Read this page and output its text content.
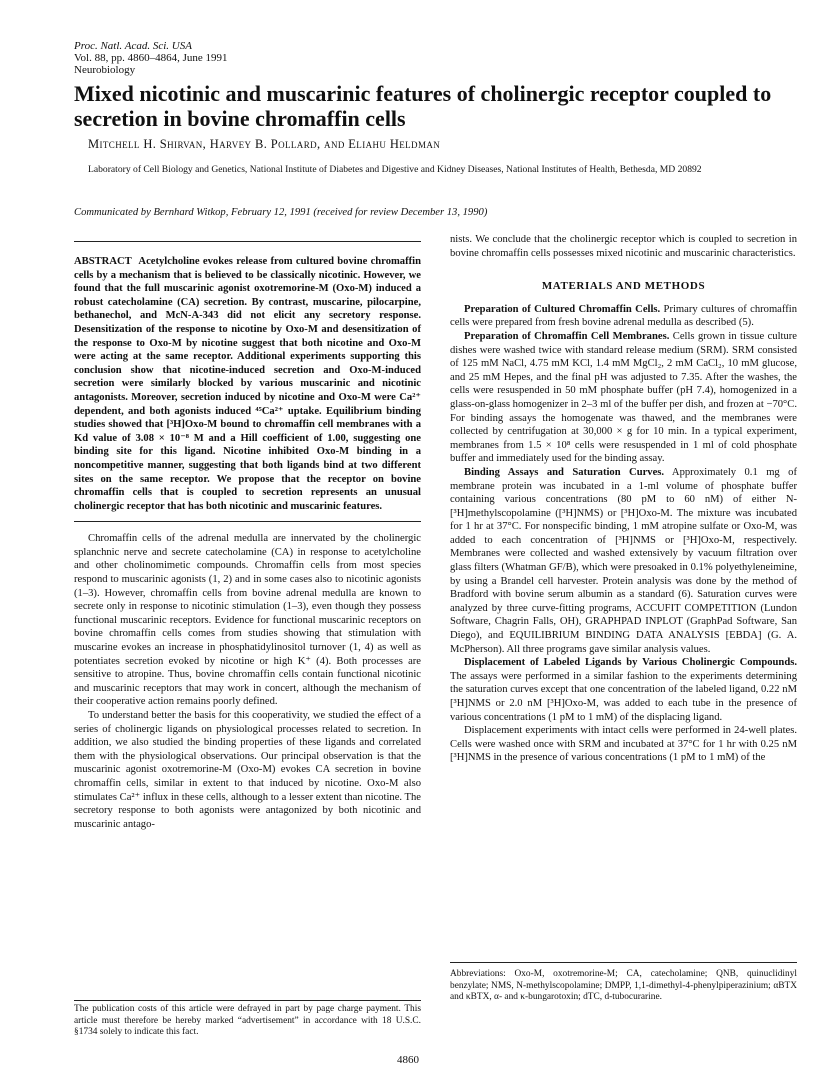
Proc. Natl. Acad. Sci. USA
Vol. 88, pp. 4860–4864, June 1991
Neurobiology
Mixed nicotinic and muscarinic features of cholinergic receptor coupled to secretion in bovine chromaffin cells
Mitchell H. Shirvan, Harvey B. Pollard, and Eliahu Heldman
Laboratory of Cell Biology and Genetics, National Institute of Diabetes and Digestive and Kidney Diseases, National Institutes of Health, Bethesda, MD 20892
Communicated by Bernhard Witkop, February 12, 1991 (received for review December 13, 1990)

ABSTRACT Acetylcholine evokes release from cultured bovine chromaffin cells by a mechanism that is believed to be classically nicotinic. However, we found that the full muscarinic agonist oxotremorine-M (Oxo-M) induced a robust catecholamine (CA) secretion. By contrast, muscarine, pilocarpine, bethanechol, and McN-A-343 did not elicit any secretory response. Desensitization of the response to nicotine by Oxo-M and desensitization of the response to Oxo-M by nicotine suggest that both nicotine and Oxo-M were acting at the same receptor. Additional experiments supporting this conclusion show that nicotine-induced secretion and Oxo-M-induced secretion were similarly blocked by various muscarinic and nicotinic antagonists. Moreover, secretion induced by nicotine and Oxo-M were Ca²⁺ dependent, and both agonists induced ⁴⁵Ca²⁺ uptake. Equilibrium binding studies showed that [³H]Oxo-M bound to chromaffin cell membranes with a Kd value of 3.08 × 10⁻⁸ M and a Hill coefficient of 1.00, suggesting one binding site for this ligand. Nicotine inhibited Oxo-M binding in a noncompetitive manner, suggesting that both ligands bind at two different sites on the same receptor. We propose that the receptor on bovine chromaffin cells that is coupled to secretion represents an unusual cholinergic receptor that has both nicotinic and muscarinic features.

Chromaffin cells of the adrenal medulla are innervated by the cholinergic splanchnic nerve and secrete catecholamine (CA) in response to acetylcholine and other cholinomimetic compounds. Chromaffin cells from most species respond to muscarinic agonists (1, 2) and in some cases also to nicotinic agonists (1–3). However, chromaffin cells from bovine adrenal medulla are known to secrete only in response to nicotinic stimulation (1–3), even though they possess functional muscarinic receptors. Evidence for functional muscarinic receptors on bovine chromaffin cells comes from studies showing that stimulation with muscarine evokes an increase in phosphatidylinositol turnover (1, 4) as well as potentiates secretion evoked by nicotine or high K⁺ (4). Both processes are sensitive to atropine. Thus, bovine chromaffin cells contain functional nicotinic and muscarinic receptors that may work in concert, although the mechanism of their cooperative action remains poorly defined.

To understand better the basis for this cooperativity, we studied the effect of a series of cholinergic ligands on physiological processes related to secretion. In addition, we also studied the binding properties of these ligands and correlated them with the physiological observations. Our principal observation is that the muscarinic agonist oxotremorine-M (Oxo-M) evokes CA secretion in bovine chromaffin cells, similar in extent to that induced by nicotine. Oxo-M also stimulates Ca²⁺ influx in these cells, although to a lesser extent than nicotine. The secretory response to both agonists were antagonized by both nicotinic and muscarinic antago-

The publication costs of this article were defrayed in part by page charge payment. This article must therefore be hereby marked “advertisement” in accordance with 18 U.S.C. §1734 solely to indicate this fact.

nists. We conclude that the cholinergic receptor which is coupled to secretion in bovine chromaffin cells possesses mixed nicotinic and muscarinic characteristics.

MATERIALS AND METHODS

Preparation of Cultured Chromaffin Cells. Primary cultures of chromaffin cells were prepared from fresh bovine adrenal medulla as described (5).

Preparation of Chromaffin Cell Membranes. Cells grown in tissue culture dishes were washed twice with standard release medium (SRM). SRM consisted of 125 mM NaCl, 4.75 mM KCl, 1.4 mM MgCl₂, 2 mM CaCl₂, 10 mM glucose, and 25 mM Hepes, and the final pH was adjusted to 7.35. After the washes, the cells were resuspended in 50 mM phosphate buffer (pH 7.4), homogenized in a glass-on-glass homogenizer in 2–3 ml of the buffer per dish, and frozen at −70°C. For binding assays the homogenate was thawed, and the membranes were collected by centrifugation at 30,000 × g for 10 min. In a typical experiment, membranes from 1.5 × 10⁸ cells were resuspended in 1 ml of cold phosphate buffer and immediately used for the binding assay.

Binding Assays and Saturation Curves. Approximately 0.1 mg of membrane protein was incubated in a 1-ml volume of phosphate buffer containing various concentrations (80 pM to 60 nM) of either N-[³H]methylscopolamine ([³H]NMS) or [³H]Oxo-M. The mixture was incubated for 1 hr at 37°C. For nonspecific binding, 1 mM atropine sulfate or Oxo-M, was added to each concentration of [³H]NMS or [³H]Oxo-M, respectively. Membranes were collected and washed extensively by vacuum filtration over glass filters (Whatman GF/B), which were presoaked in 0.1% polyethyleneimine, by using a Brandel cell harvester. Protein analysis was done by the method of Bradford with bovine serum albumin as a standard (6). Saturation curves were analyzed by three curve-fitting programs, ACCUFIT COMPETITION (Lundon Software, Chagrin Falls, OH), GRAPHPAD INPLOT (GraphPad Software, San Diego), and EQUILIBRIUM BINDING DATA ANALYSIS [EBDA] (G. A. McPherson). All three programs gave similar analysis values.

Displacement of Labeled Ligands by Various Cholinergic Compounds. The assays were performed in a similar fashion to the experiments determining the saturation curves except that one concentration of the labeled ligand, 0.22 nM [³H]NMS or 2.0 nM [³H]Oxo-M, was added to each tube in the presence of various concentrations (1 pM to 1 mM) of the displacing ligand.

Displacement experiments with intact cells were performed in 24-well plates. Cells were washed once with SRM and incubated at 37°C for 1 hr with 0.25 nM [³H]NMS in the presence of various concentrations (1 pM to 1 mM) of the

Abbreviations: Oxo-M, oxotremorine-M; CA, catecholamine; QNB, quinuclidinyl benzylate; NMS, N-methylscopolamine; DMPP, 1,1-dimethyl-4-phenylpiperazinium; αBTX and κBTX, α- and κ-bungarotoxin; dTC, d-tubocurarine.
4860
